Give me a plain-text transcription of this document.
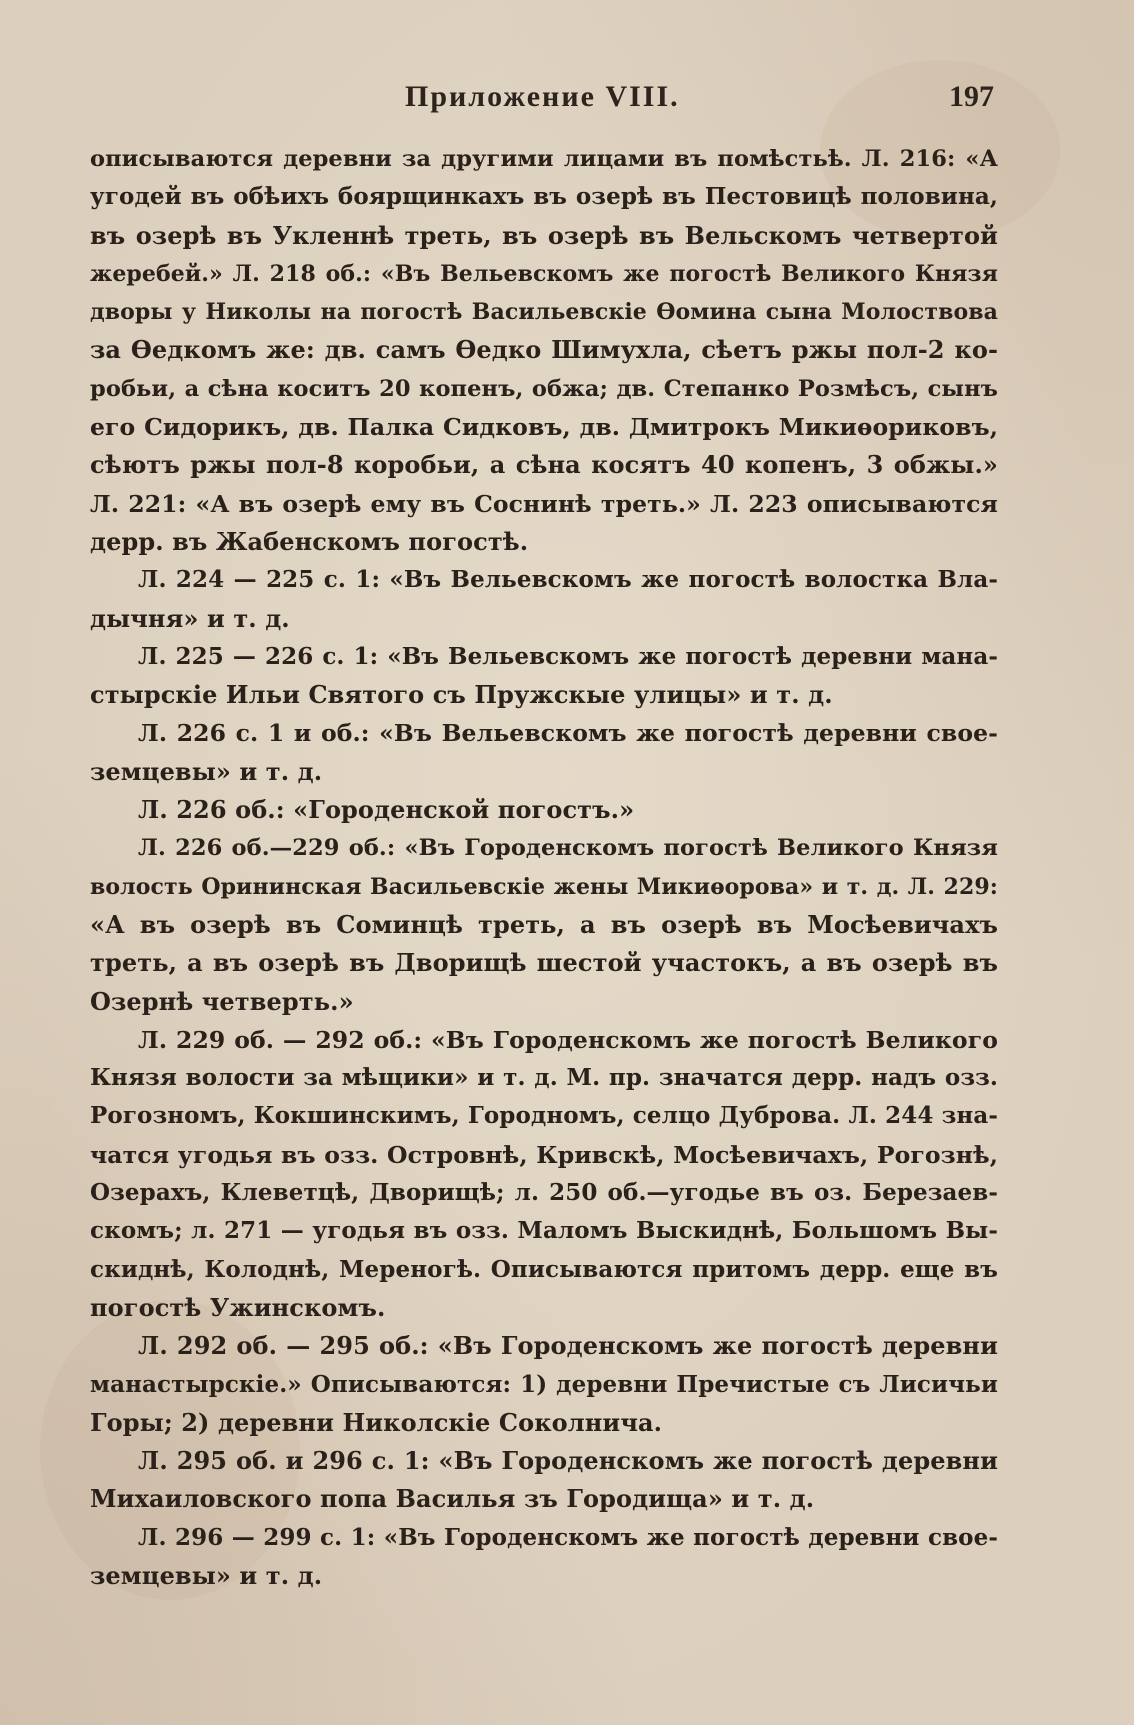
Приложение VIII.	197
описываются деревни за другими лицами въ помѣстьѣ. Л. 216: «А
угодей въ обѣихъ боярщинкахъ въ озерѣ въ Пестовицѣ половина,
въ озерѣ въ Укленнѣ треть, въ озерѣ въ Вельскомъ четвертой
жеребей.» Л. 218 об.: «Въ Вельевскомъ же погостѣ Великого Князя
дворы у Николы на погостѣ Васильевскіе Ѳомина сына Молоствова
за Ѳедкомъ же: дв. самъ Ѳедко Шимухла, сѣетъ ржы пол-2 ко-
робьи, а сѣна коситъ 20 копенъ, обжа; дв. Степанко Розмѣсъ, сынъ
его Сидорикъ, дв. Палка Сидковъ, дв. Дмитрокъ Микиѳориковъ,
сѣютъ ржы пол-8 коробьи, а сѣна косятъ 40 копенъ, 3 обжы.»
Л. 221: «А въ озерѣ ему въ Соснинѣ треть.» Л. 223 описываются
дерр. въ Жабенскомъ погостѣ.
Л. 224 — 225 с. 1: «Въ Вельевскомъ же погостѣ волостка Вла-
дычня» и т. д.
Л. 225 — 226 с. 1: «Въ Вельевскомъ же погостѣ деревни мана-
стырскіе Ильи Святого съ Пружскые улицы» и т. д.
Л. 226 с. 1 и об.: «Въ Вельевскомъ же погостѣ деревни свое-
земцевы» и т. д.
Л. 226 об.: «Городенской погостъ.»
Л. 226 об.—229 об.: «Въ Городенскомъ погостѣ Великого Князя
волость Орининская Васильевскіе жены Микиѳорова» и т. д. Л. 229:
«А въ озерѣ въ Соминцѣ треть, а въ озерѣ въ Мосѣевичахъ
треть, а въ озерѣ въ Дворищѣ шестой участокъ, а въ озерѣ въ
Озернѣ четверть.»
Л. 229 об. — 292 об.: «Въ Городенскомъ же погостѣ Великого
Князя волости за мѣщики» и т. д. М. пр. значатся дерр. надъ озз.
Рогозномъ, Кокшинскимъ, Городномъ, селцо Дуброва. Л. 244 зна-
чатся угодья въ озз. Островнѣ, Кривскѣ, Мосѣевичахъ, Рогознѣ,
Озерахъ, Клеветцѣ, Дворищѣ; л. 250 об.—угодье въ оз. Березаев-
скомъ; л. 271 — угодья въ озз. Маломъ Выскиднѣ, Большомъ Вы-
скиднѣ, Колоднѣ, Мереногѣ. Описываются притомъ дерр. еще въ
погостѣ Ужинскомъ.
Л. 292 об. — 295 об.: «Въ Городенскомъ же погостѣ деревни
манастырскіе.» Описываются: 1) деревни Пречистые съ Лисичьи
Горы; 2) деревни Николскіе Соколнича.
Л. 295 об. и 296 с. 1: «Въ Городенскомъ же погостѣ деревни
Михаиловского попа Василья зъ Городища» и т. д.
Л. 296 — 299 с. 1: «Въ Городенскомъ же погостѣ деревни свое-
земцевы» и т. д.
